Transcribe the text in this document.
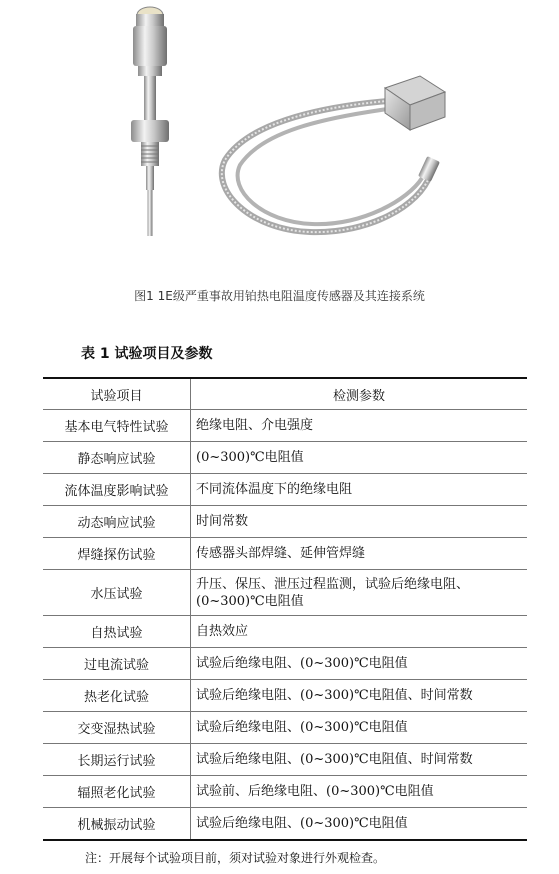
图1 1E级严重事故用铂热电阻温度传感器及其连接系统
表 1 试验项目及参数
试验项目	检测参数
基本电气特性试验	绝缘电阻、介电强度
静态响应试验	(0~300)℃电阻值
流体温度影响试验	不同流体温度下的绝缘电阻
动态响应试验	时间常数
焊缝探伤试验	传感器头部焊缝、延伸管焊缝
水压试验	升压、保压、泄压过程监测，试验后绝缘电阻、(0~300)℃电阻值
自热试验	自热效应
过电流试验	试验后绝缘电阻、(0~300)℃电阻值
热老化试验	试验后绝缘电阻、(0~300)℃电阻值、时间常数
交变湿热试验	试验后绝缘电阻、(0~300)℃电阻值
长期运行试验	试验后绝缘电阻、(0~300)℃电阻值、时间常数
辐照老化试验	试验前、后绝缘电阻、(0~300)℃电阻值
机械振动试验	试验后绝缘电阻、(0~300)℃电阻值
注：开展每个试验项目前，须对试验对象进行外观检查。
